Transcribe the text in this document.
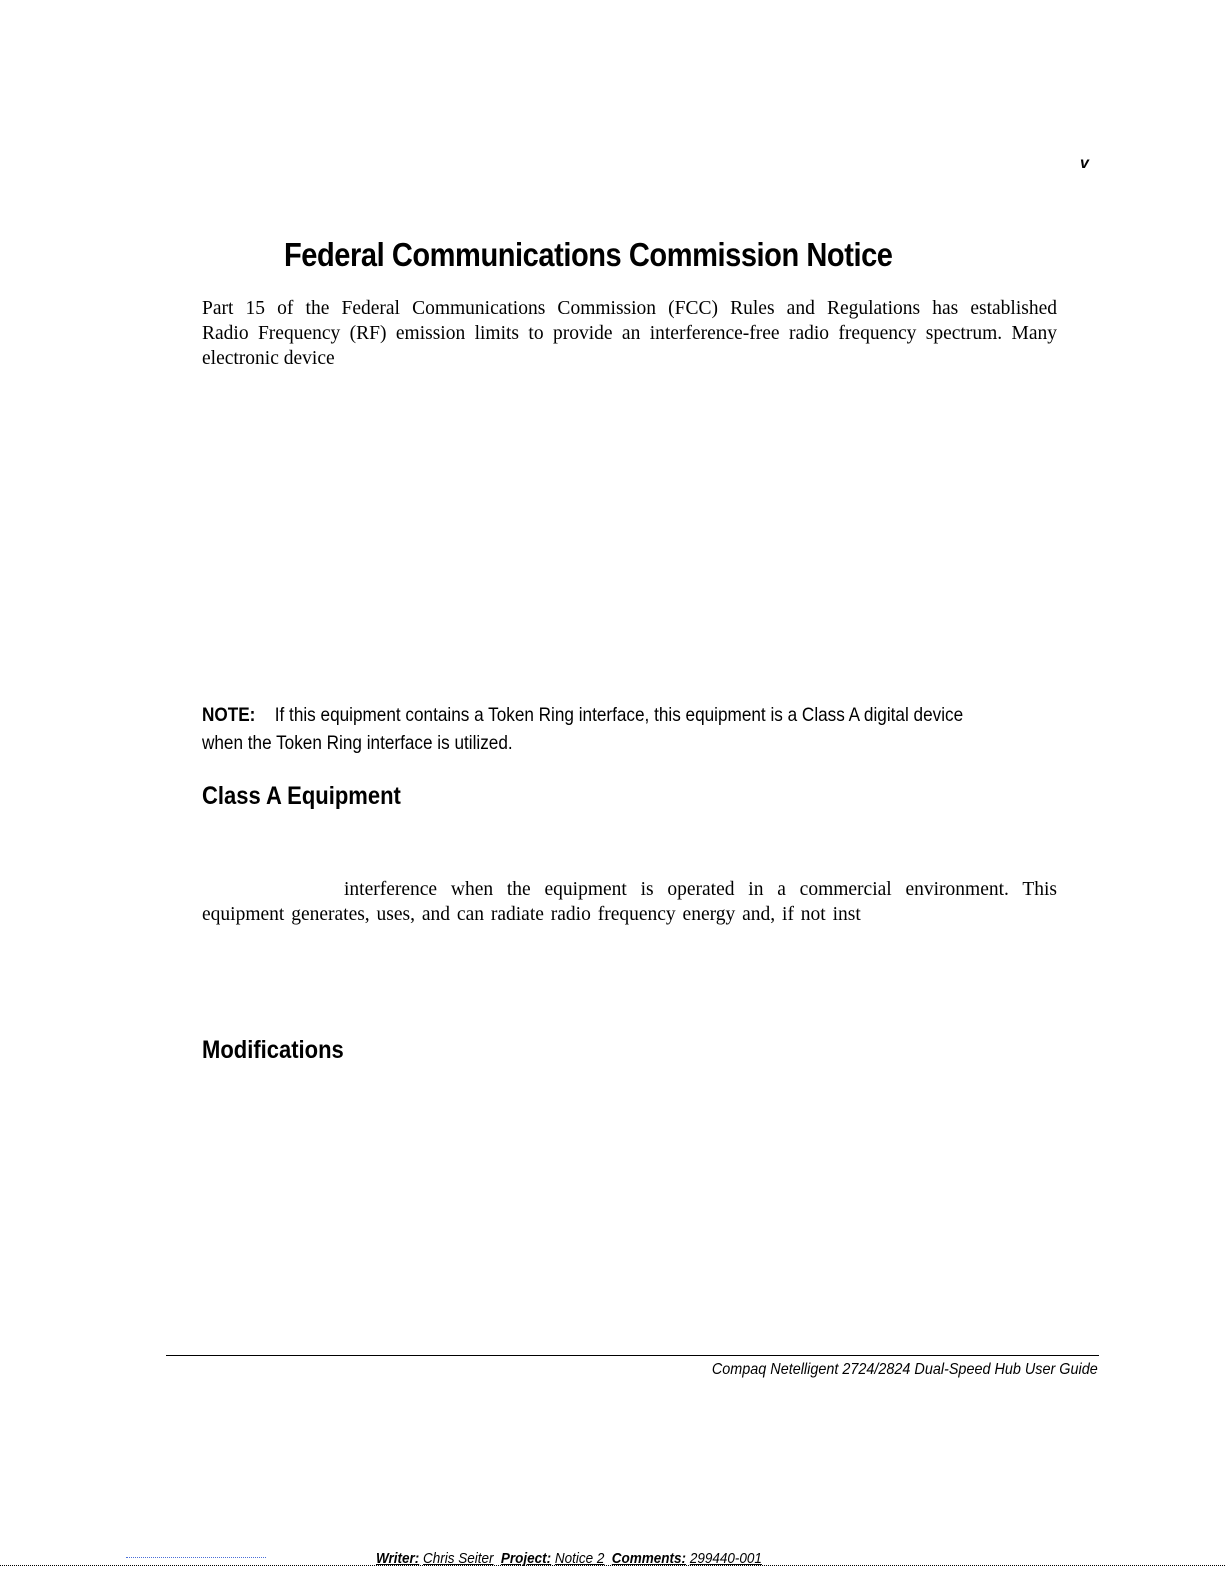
v
Federal Communications Commission Notice
Part 15 of the Federal Communications Commission (FCC) Rules and Regulations has established
Radio Frequency (RF) emission limits to provide an interference-free radio frequency spectrum. Many
electronic device
NOTE: If this equipment contains a Token Ring interface, this equipment is a Class A digital device
when the Token Ring interface is utilized.
Class A Equipment
interference when the equipment is operated in a commercial environment. This
equipment generates, uses, and can radiate radio frequency energy and, if not inst
Modifications
Compaq Netelligent 2724/2824 Dual-Speed Hub User Guide
Writer: Chris Seiter Project: Notice 2 Comments: 299440-001
